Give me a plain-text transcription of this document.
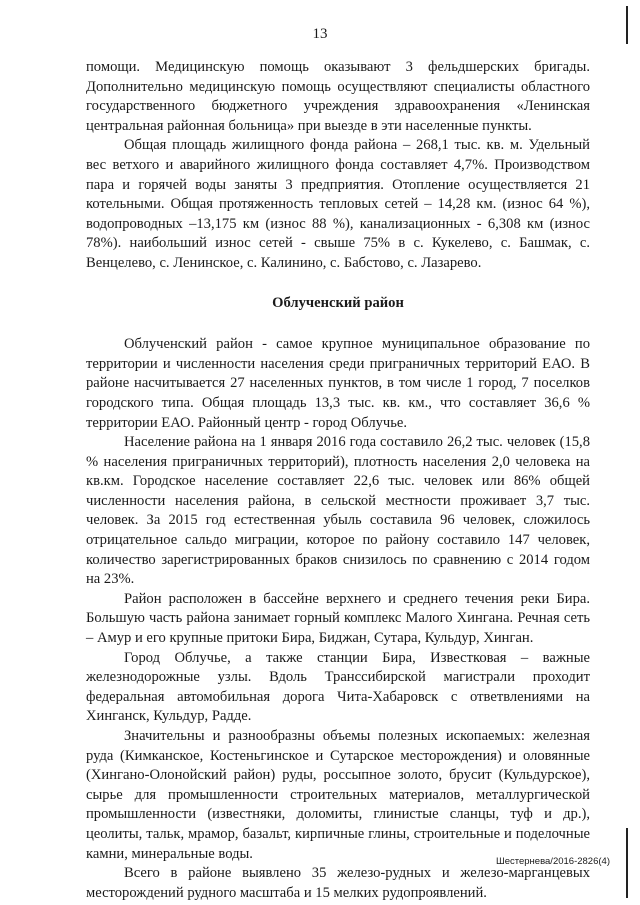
13

помощи. Медицинскую помощь оказывают 3 фельдшерских бригады. Дополнительно медицинскую помощь осуществляют специалисты областного государственного бюджетного учреждения здравоохранения «Ленинская центральная районная больница» при выезде в эти населенные пункты.

Общая площадь жилищного фонда района – 268,1 тыс. кв. м. Удельный вес ветхого и аварийного жилищного фонда составляет 4,7%. Производством пара и горячей воды заняты 3 предприятия. Отопление осуществляется 21 котельными. Общая протяженность тепловых сетей – 14,28 км. (износ 64 %), водопроводных –13,175 км (износ 88 %), канализационных - 6,308 км (износ 78%). наибольший износ сетей - свыше 75% в с. Кукелево, с. Башмак, с. Венцелево, с. Ленинское, с. Калинино, с. Бабстово, с. Лазарево.

Облученский район

Облученский район - самое крупное муниципальное образование по территории и численности населения среди приграничных территорий ЕАО. В районе насчитывается 27 населенных пунктов, в том числе 1 город, 7 поселков городского типа. Общая площадь 13,3 тыс. кв. км., что составляет 36,6 % территории ЕАО. Районный центр - город Облучье.

Население района на 1 января 2016 года составило 26,2 тыс. человек (15,8 % населения приграничных территорий), плотность населения 2,0 человека на кв.км. Городское население составляет 22,6 тыс. человек или 86% общей численности населения района, в сельской местности проживает 3,7 тыс. человек. За 2015 год естественная убыль составила 96 человек, сложилось отрицательное сальдо миграции, которое по району составило 147 человек, количество зарегистрированных браков снизилось по сравнению с 2014 годом на 23%.

Район расположен в бассейне верхнего и среднего течения реки Бира. Большую часть района занимает горный комплекс Малого Хингана. Речная сеть – Амур и его крупные притоки Бира, Биджан, Сутара, Кульдур, Хинган.

Город Облучье, а также станции Бира, Известковая – важные железнодорожные узлы. Вдоль Транссибирской магистрали проходит федеральная автомобильная дорога Чита-Хабаровск с ответвлениями на Хинганск, Кульдур, Радде.

Значительны и разнообразны объемы полезных ископаемых: железная руда (Кимканское, Костеньгинское и Сутарское месторождения) и оловянные (Хингано-Олонойский район) руды, россыпное золото, брусит (Кульдурское), сырье для промышленности строительных материалов, металлургической промышленности (известняки, доломиты, глинистые сланцы, туф и др.), цеолиты, тальк, мрамор, базальт, кирпичные глины, строительные и поделочные камни, минеральные воды.

Всего в районе выявлено 35 железо-рудных и железо-марганцевых месторождений рудного масштаба и 15 мелких рудопроявлений.

Шестернева/2016-2826(4)
